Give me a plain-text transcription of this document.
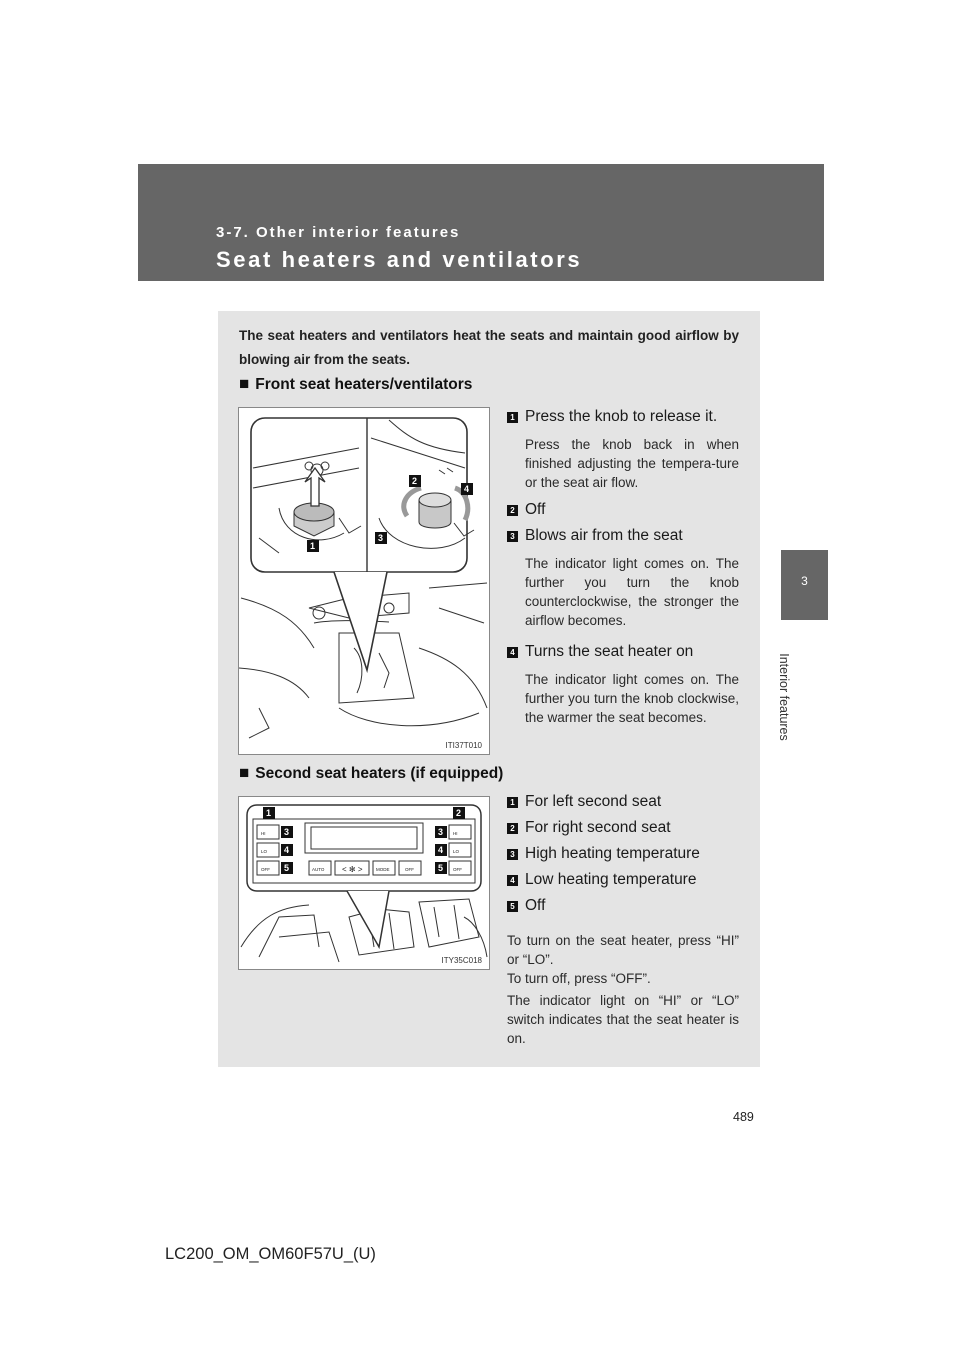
3-7. Other interior features
Seat heaters and ventilators
3
Interior features
The seat heaters and ventilators heat the seats and maintain good airflow by blowing air from the seats.
■ Front seat heaters/ventilators
1
2
3
4
ITI37T010
1 Press the knob to release it.
Press the knob back in when finished adjusting the tempera-ture or the seat air flow.
2 Off
3 Blows air from the seat
The indicator light comes on. The further you turn the knob counterclockwise, the stronger the airflow becomes.
4 Turns the seat heater on
The indicator light comes on. The further you turn the knob clockwise, the warmer the seat becomes.
■ Second seat heaters (if equipped)
HI
LO
OFF
HI
LO
OFF
AUTO	MODE	OFF
< ✻ >
1	2
3
4
5
3
4
5
ITY35C018
1 For left second seat
2 For right second seat
3 High heating temperature
4 Low heating temperature
5 Off
To turn on the seat heater, press “HI” or “LO”.
To turn off, press “OFF”.
The indicator light on “HI” or “LO” switch indicates that the seat heater is on.
489
LC200_OM_OM60F57U_(U)
